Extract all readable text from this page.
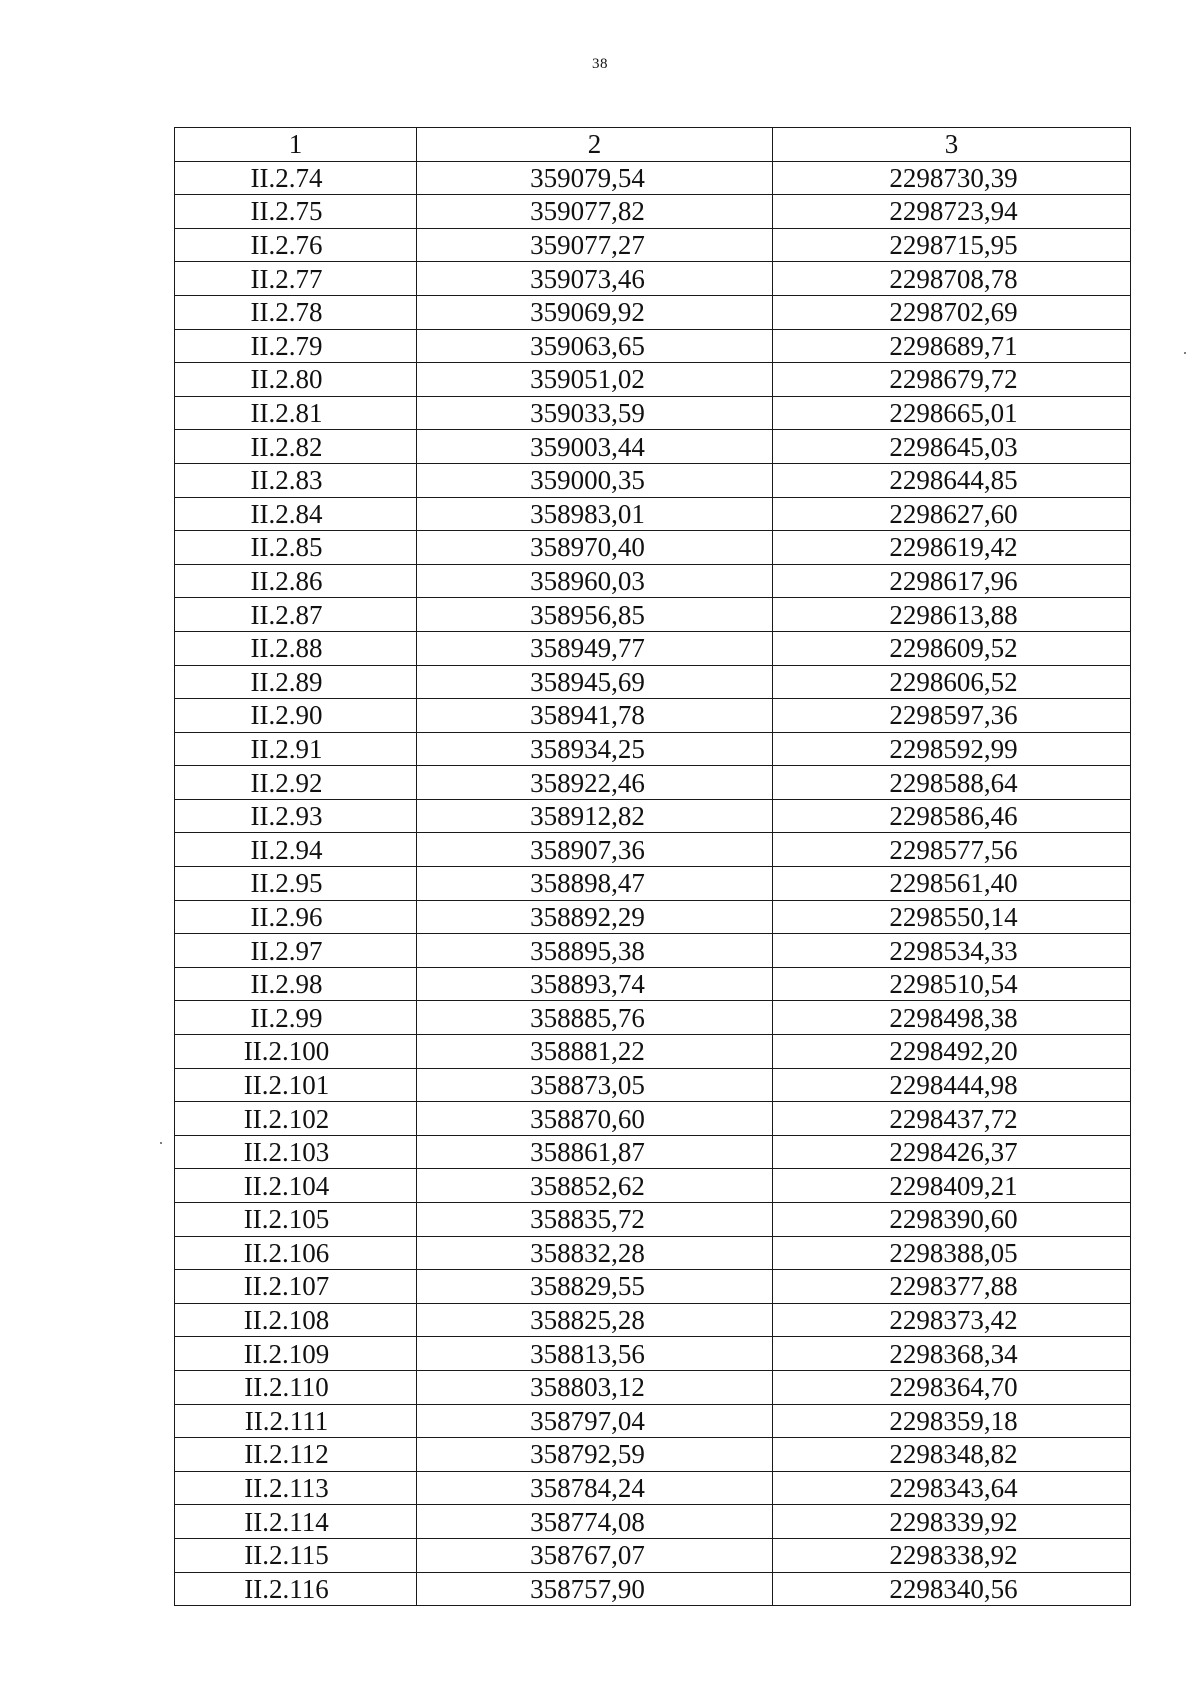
38
1	2	3
II.2.74	359079,54	2298730,39
II.2.75	359077,82	2298723,94
II.2.76	359077,27	2298715,95
II.2.77	359073,46	2298708,78
II.2.78	359069,92	2298702,69
II.2.79	359063,65	2298689,71
II.2.80	359051,02	2298679,72
II.2.81	359033,59	2298665,01
II.2.82	359003,44	2298645,03
II.2.83	359000,35	2298644,85
II.2.84	358983,01	2298627,60
II.2.85	358970,40	2298619,42
II.2.86	358960,03	2298617,96
II.2.87	358956,85	2298613,88
II.2.88	358949,77	2298609,52
II.2.89	358945,69	2298606,52
II.2.90	358941,78	2298597,36
II.2.91	358934,25	2298592,99
II.2.92	358922,46	2298588,64
II.2.93	358912,82	2298586,46
II.2.94	358907,36	2298577,56
II.2.95	358898,47	2298561,40
II.2.96	358892,29	2298550,14
II.2.97	358895,38	2298534,33
II.2.98	358893,74	2298510,54
II.2.99	358885,76	2298498,38
II.2.100	358881,22	2298492,20
II.2.101	358873,05	2298444,98
II.2.102	358870,60	2298437,72
II.2.103	358861,87	2298426,37
II.2.104	358852,62	2298409,21
II.2.105	358835,72	2298390,60
II.2.106	358832,28	2298388,05
II.2.107	358829,55	2298377,88
II.2.108	358825,28	2298373,42
II.2.109	358813,56	2298368,34
II.2.110	358803,12	2298364,70
II.2.111	358797,04	2298359,18
II.2.112	358792,59	2298348,82
II.2.113	358784,24	2298343,64
II.2.114	358774,08	2298339,92
II.2.115	358767,07	2298338,92
II.2.116	358757,90	2298340,56
